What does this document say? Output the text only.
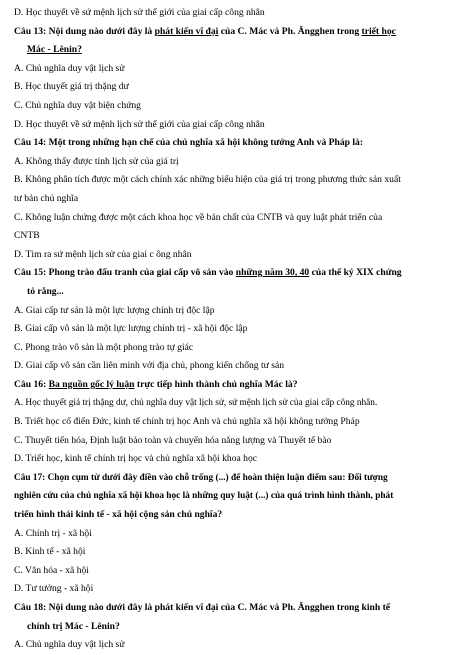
D. Học thuyết về sứ mệnh lịch sử thế giới của giai cấp công nhân

Câu 13: Nội dung nào dưới đây là phát kiến vĩ đại của C. Mác và Ph. Ăngghen trong triết học

Mác - Lênin?

A. Chủ nghĩa duy vật lịch sử

B. Học thuyết giá trị thặng dư

C. Chủ nghĩa duy vật biện chứng

D. Học thuyết về sứ mệnh lịch sử thế giới của giai cấp công nhân

Câu 14: Một trong những hạn chế của chủ nghĩa xã hội không tưởng Anh và Pháp là:

A. Không thấy được tính lịch sử của giá trị

B. Không phân tích được một cách chính xác những biểu hiện của giá trị trong phương thức sản xuất

tư bản chủ nghĩa

C. Không luận chứng được một cách khoa học về bản chất của CNTB và quy luật phát triển của

CNTB

D. Tìm ra sứ mệnh lịch sử của giai c ông nhân

Câu 15: Phong trào đấu tranh của giai cấp vô sản vào những năm 30, 40 của thế kỷ XIX chứng

tỏ rằng...

A. Giai cấp tư sản là một lực lượng chính trị độc lập

B. Giai cấp vô sản là một lực lượng chính trị - xã hội độc lập

C. Phong trào vô sản là một phong trào tự giác

D. Giai cấp vô sản cần liên minh với địa chủ, phong kiến chống tư sản

Câu 16: Ba nguồn gốc lý luận trực tiếp hình thành chủ nghĩa Mác là?

A. Học thuyết giá trị thặng dư, chủ nghĩa duy vật lịch sử, sứ mệnh lịch sử của giai cấp công nhân.

B. Triết học cổ điển Đức, kinh tế chính trị học Anh và chủ nghĩa xã hội không tưởng Pháp

C. Thuyết tiến hóa, Định luật bảo toàn và chuyển hóa năng lượng và Thuyết tế bào

D. Triết học, kinh tế chính trị học và chủ nghĩa xã hội khoa học

Câu 17: Chọn cụm từ dưới đây điền vào chỗ trống (...) để hoàn thiện luận điểm sau: Đối tượng

nghiên cứu của chủ nghĩa xã hội khoa học là những quy luật (...) của quá trình hình thành, phát

triển hình thái kinh tế - xã hội cộng sản chủ nghĩa?

A. Chính trị - xã hội

B. Kinh tế - xã hội

C. Văn hóa - xã hội

D. Tư tưởng - xã hội

Câu 18: Nội dung nào dưới đây là phát kiến vĩ đại của C. Mác và Ph. Ăngghen trong kinh tế

chính trị Mác - Lênin?

A. Chủ nghĩa duy vật lịch sử
